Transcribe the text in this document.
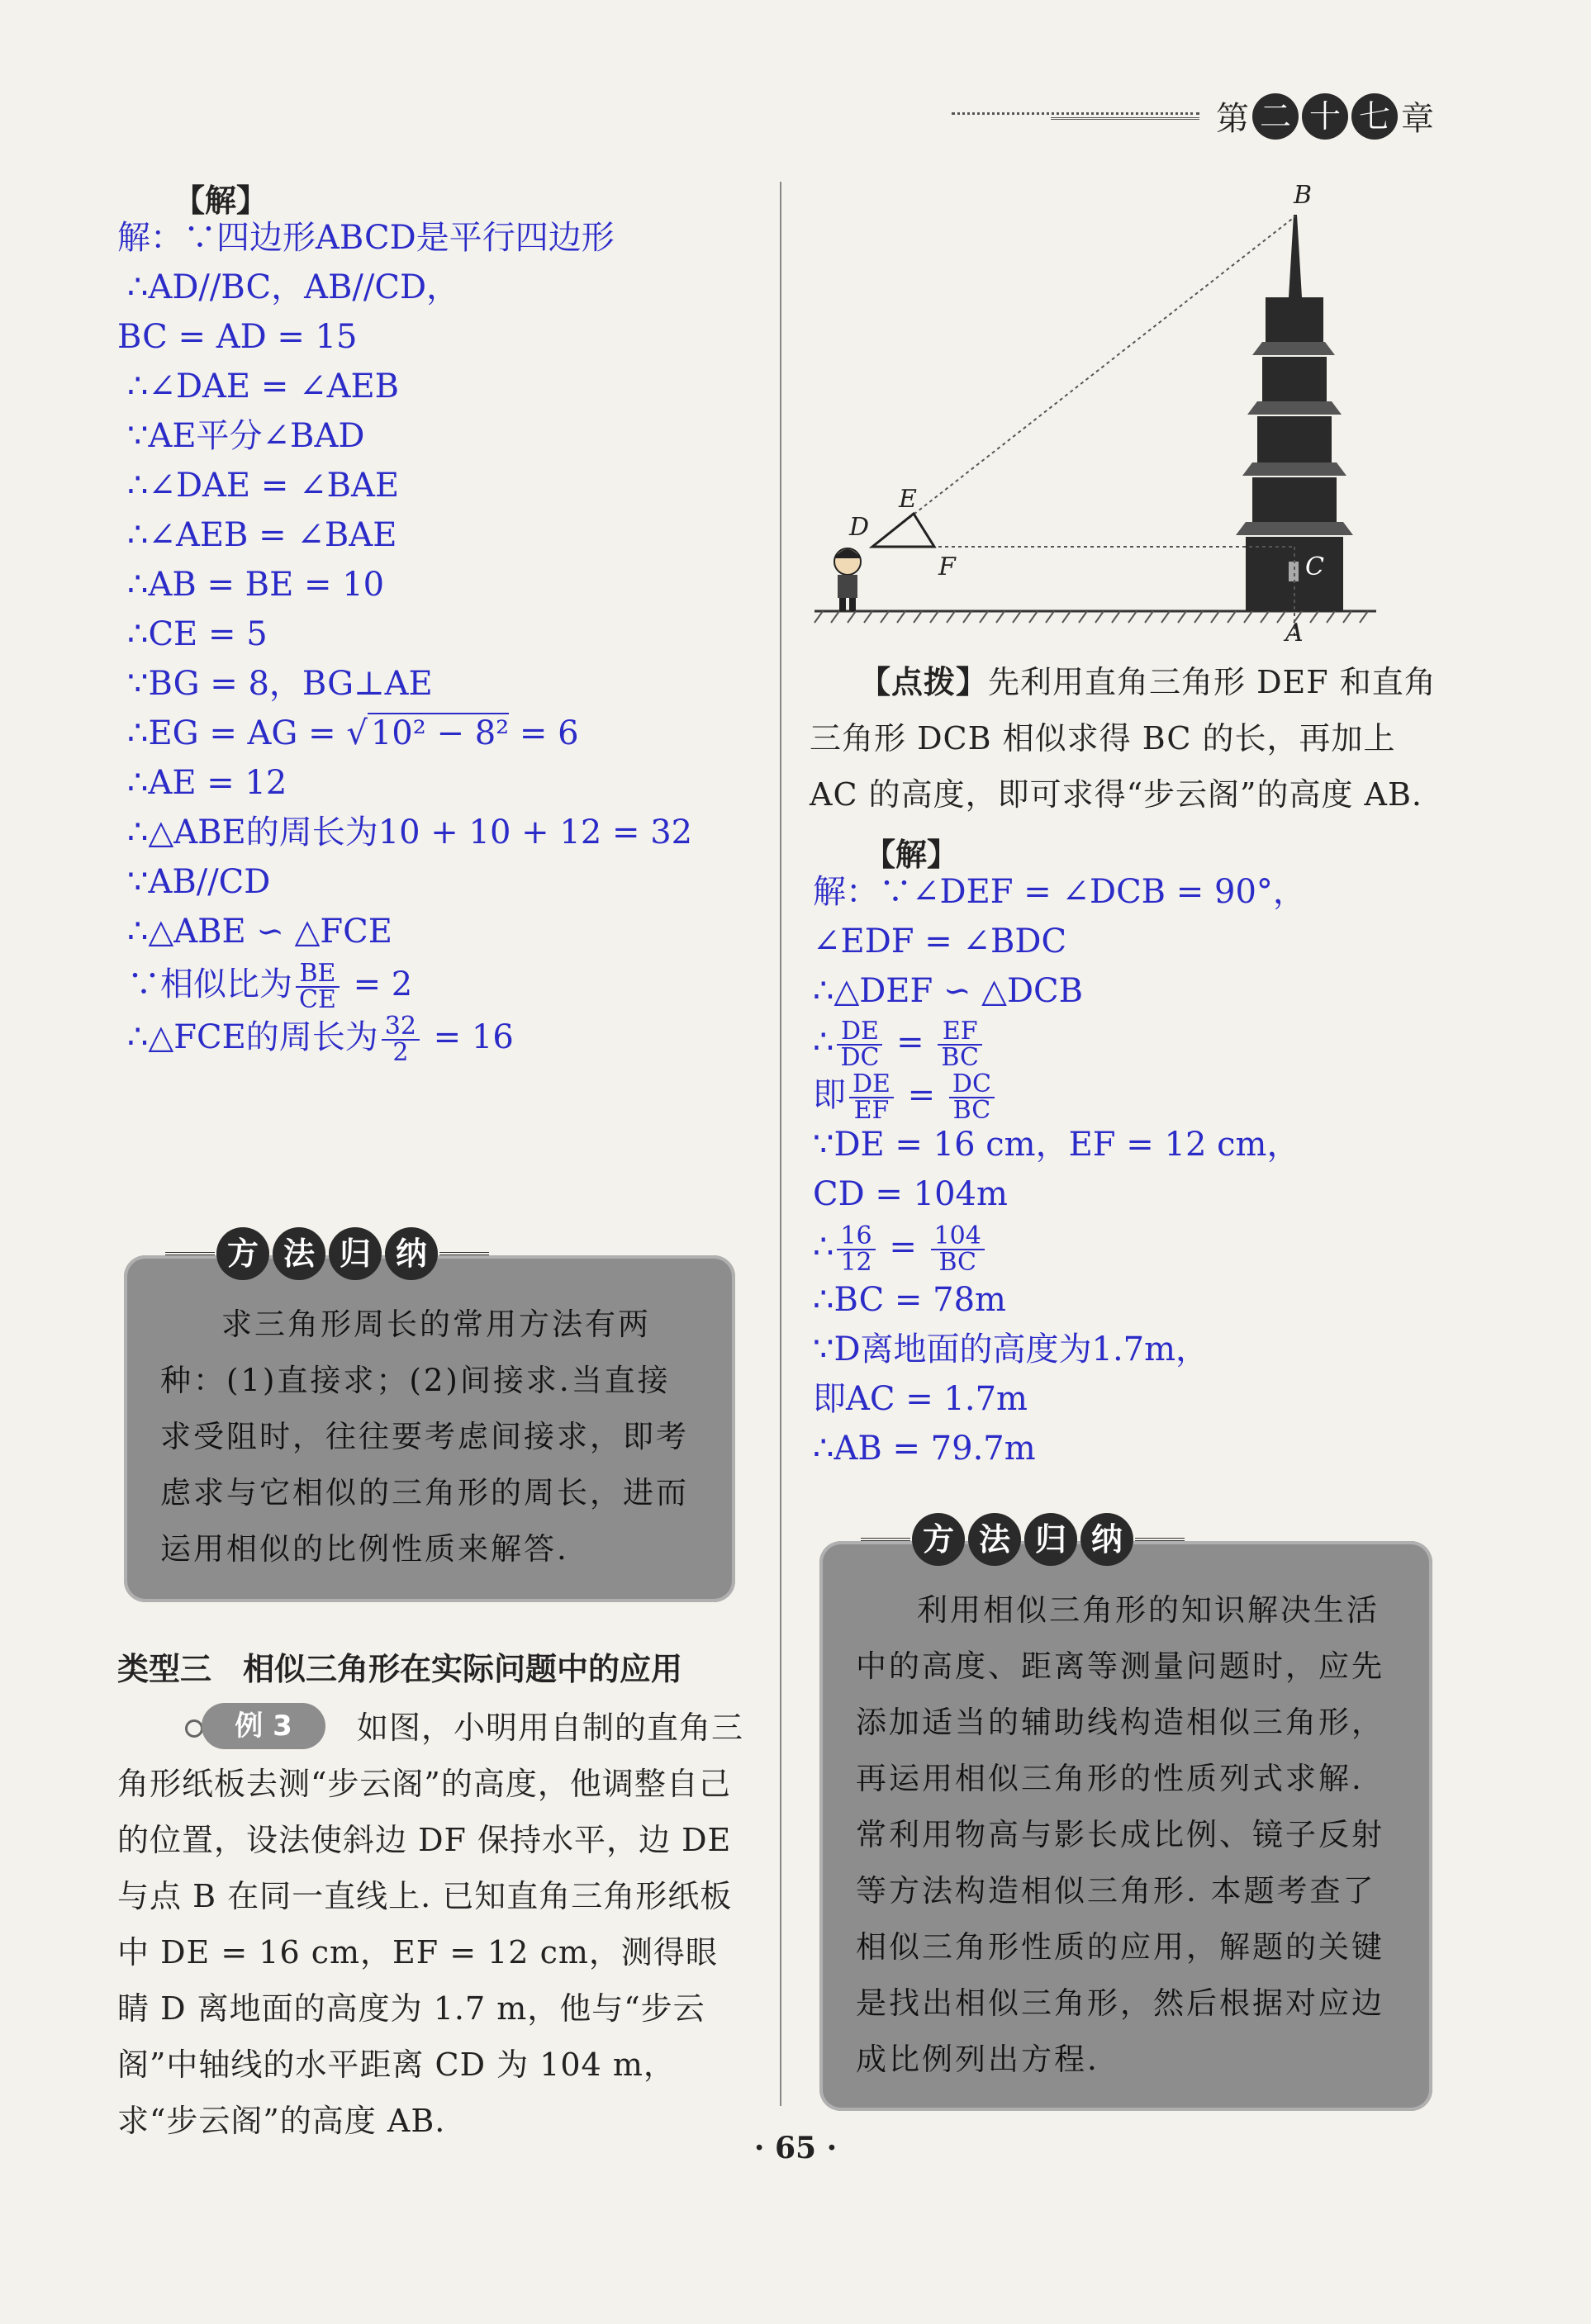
第 二 十 七 章
【解】
解：∵四边形ABCD是平行四边形
∴AD//BC，AB//CD，
BC = AD = 15
∴∠DAE = ∠AEB
∵AE平分∠BAD
∴∠DAE = ∠BAE
∴∠AEB = ∠BAE
∴AB = BE = 10
∴CE = 5
∵BG = 8，BG⊥AE
∴EG = AG = √ 10² − 8² = 6
∴AE = 12
∴△ABE的周长为10 + 10 + 12 = 32
∵AB//CD
∴△ABE ∽ △FCE
∵相似比为 $\frac{BE}{CE} = 2$
∴△FCE的周长为 $\frac{32}{2} = 16$
方 法 归 纳
求三角形周长的常用方法有两种：(1)直接求；(2)间接求.当直接求受阻时，往往要考虑间接求，即考虑求与它相似的三角形的周长，进而运用相似的比例性质来解答.
类型三　相似三角形在实际问题中的应用
例 3	如图，小明用自制的直角三角形纸板去测“步云阁”的高度，他调整自己的位置，设法使斜边 DF 保持水平，边 DE 与点 B 在同一直线上. 已知直角三角形纸板中 DE = 16 cm，EF = 12 cm，测得眼睛 D 离地面的高度为 1.7 m，他与“步云阁”中轴线的水平距离 CD 为 104 m，求“步云阁”的高度 AB.
B
E
D
F	C
A
【点拨】先利用直角三角形 DEF 和直角三角形 DCB 相似求得 BC 的长，再加上 AC 的高度，即可求得“步云阁”的高度 AB.
【解】
解：∵∠DEF = ∠DCB = 90°，
∠EDF = ∠BDC
∴△DEF ∽ △DCB
∴ $\frac{DE}{DC} = \frac{EF}{BC}$
即 $\frac{DE}{EF} = \frac{DC}{BC}$
∵DE = 16 cm，EF = 12 cm，
CD = 104m
∴ $\frac{16}{12} = \frac{104}{BC}$
∴BC = 78m
∵D离地面的高度为1.7m，
即AC = 1.7m
∴AB = 79.7m
方 法 归 纳
利用相似三角形的知识解决生活中的高度、距离等测量问题时，应先添加适当的辅助线构造相似三角形，再运用相似三角形的性质列式求解. 常利用物高与影长成比例、镜子反射等方法构造相似三角形. 本题考查了相似三角形性质的应用，解题的关键是找出相似三角形，然后根据对应边成比例列出方程.
· 65 ·
